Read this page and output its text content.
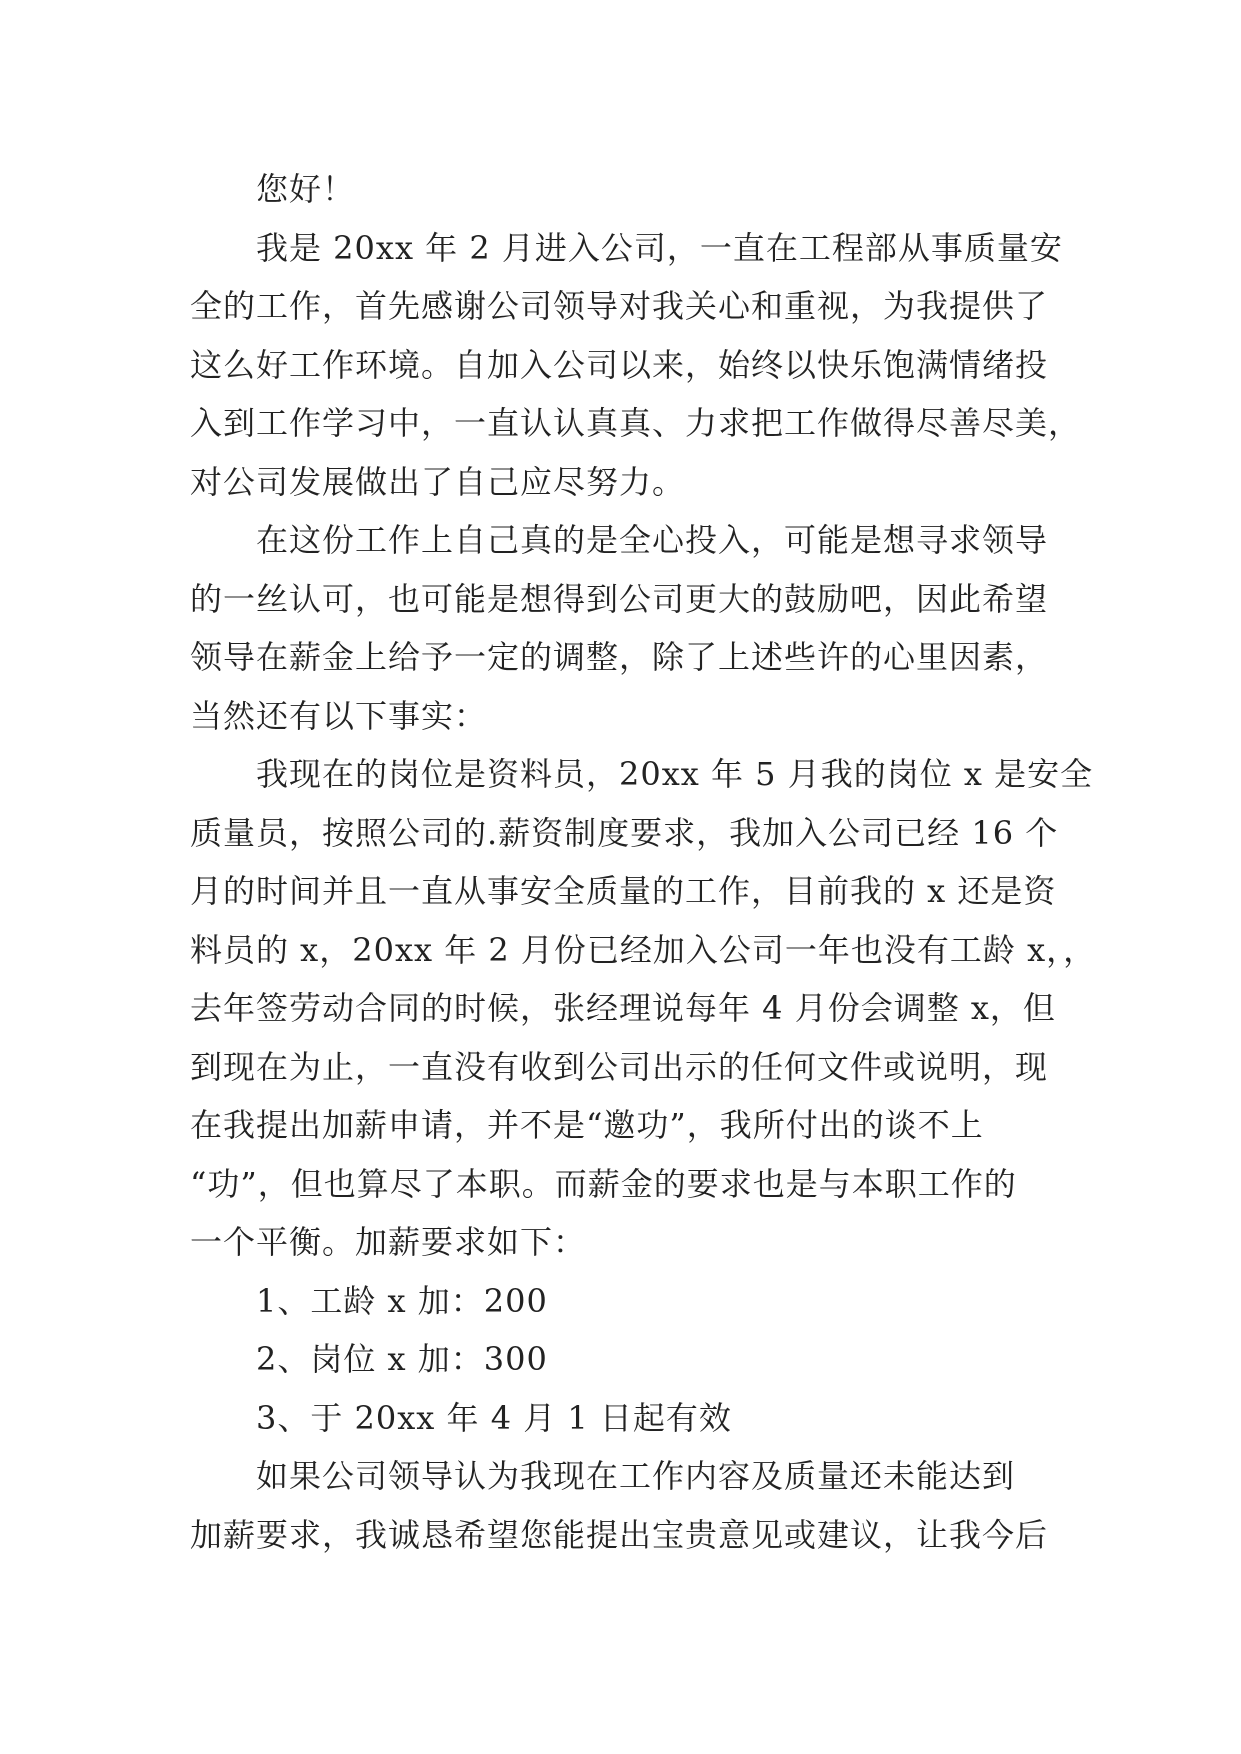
您好！
我是 20xx 年 2 月进入公司，一直在工程部从事质量安
全的工作，首先感谢公司领导对我关心和重视，为我提供了
这么好工作环境。自加入公司以来，始终以快乐饱满情绪投
入到工作学习中，一直认认真真、力求把工作做得尽善尽美，
对公司发展做出了自己应尽努力。
在这份工作上自己真的是全心投入，可能是想寻求领导
的一丝认可，也可能是想得到公司更大的鼓励吧，因此希望
领导在薪金上给予一定的调整，除了上述些许的心里因素，
当然还有以下事实：
我现在的岗位是资料员，20xx 年 5 月我的岗位 x 是安全
质量员，按照公司的.薪资制度要求，我加入公司已经 16 个
月的时间并且一直从事安全质量的工作，目前我的 x 还是资
料员的 x，20xx 年 2 月份已经加入公司一年也没有工龄 x，，
去年签劳动合同的时候，张经理说每年 4 月份会调整 x，但
到现在为止，一直没有收到公司出示的任何文件或说明，现
在我提出加薪申请，并不是“邀功”，我所付出的谈不上
“功”，但也算尽了本职。而薪金的要求也是与本职工作的
一个平衡。加薪要求如下：
1、工龄 x 加：200
2、岗位 x 加：300
3、于 20xx 年 4 月 1 日起有效
如果公司领导认为我现在工作内容及质量还未能达到
加薪要求，我诚恳希望您能提出宝贵意见或建议，让我今后
